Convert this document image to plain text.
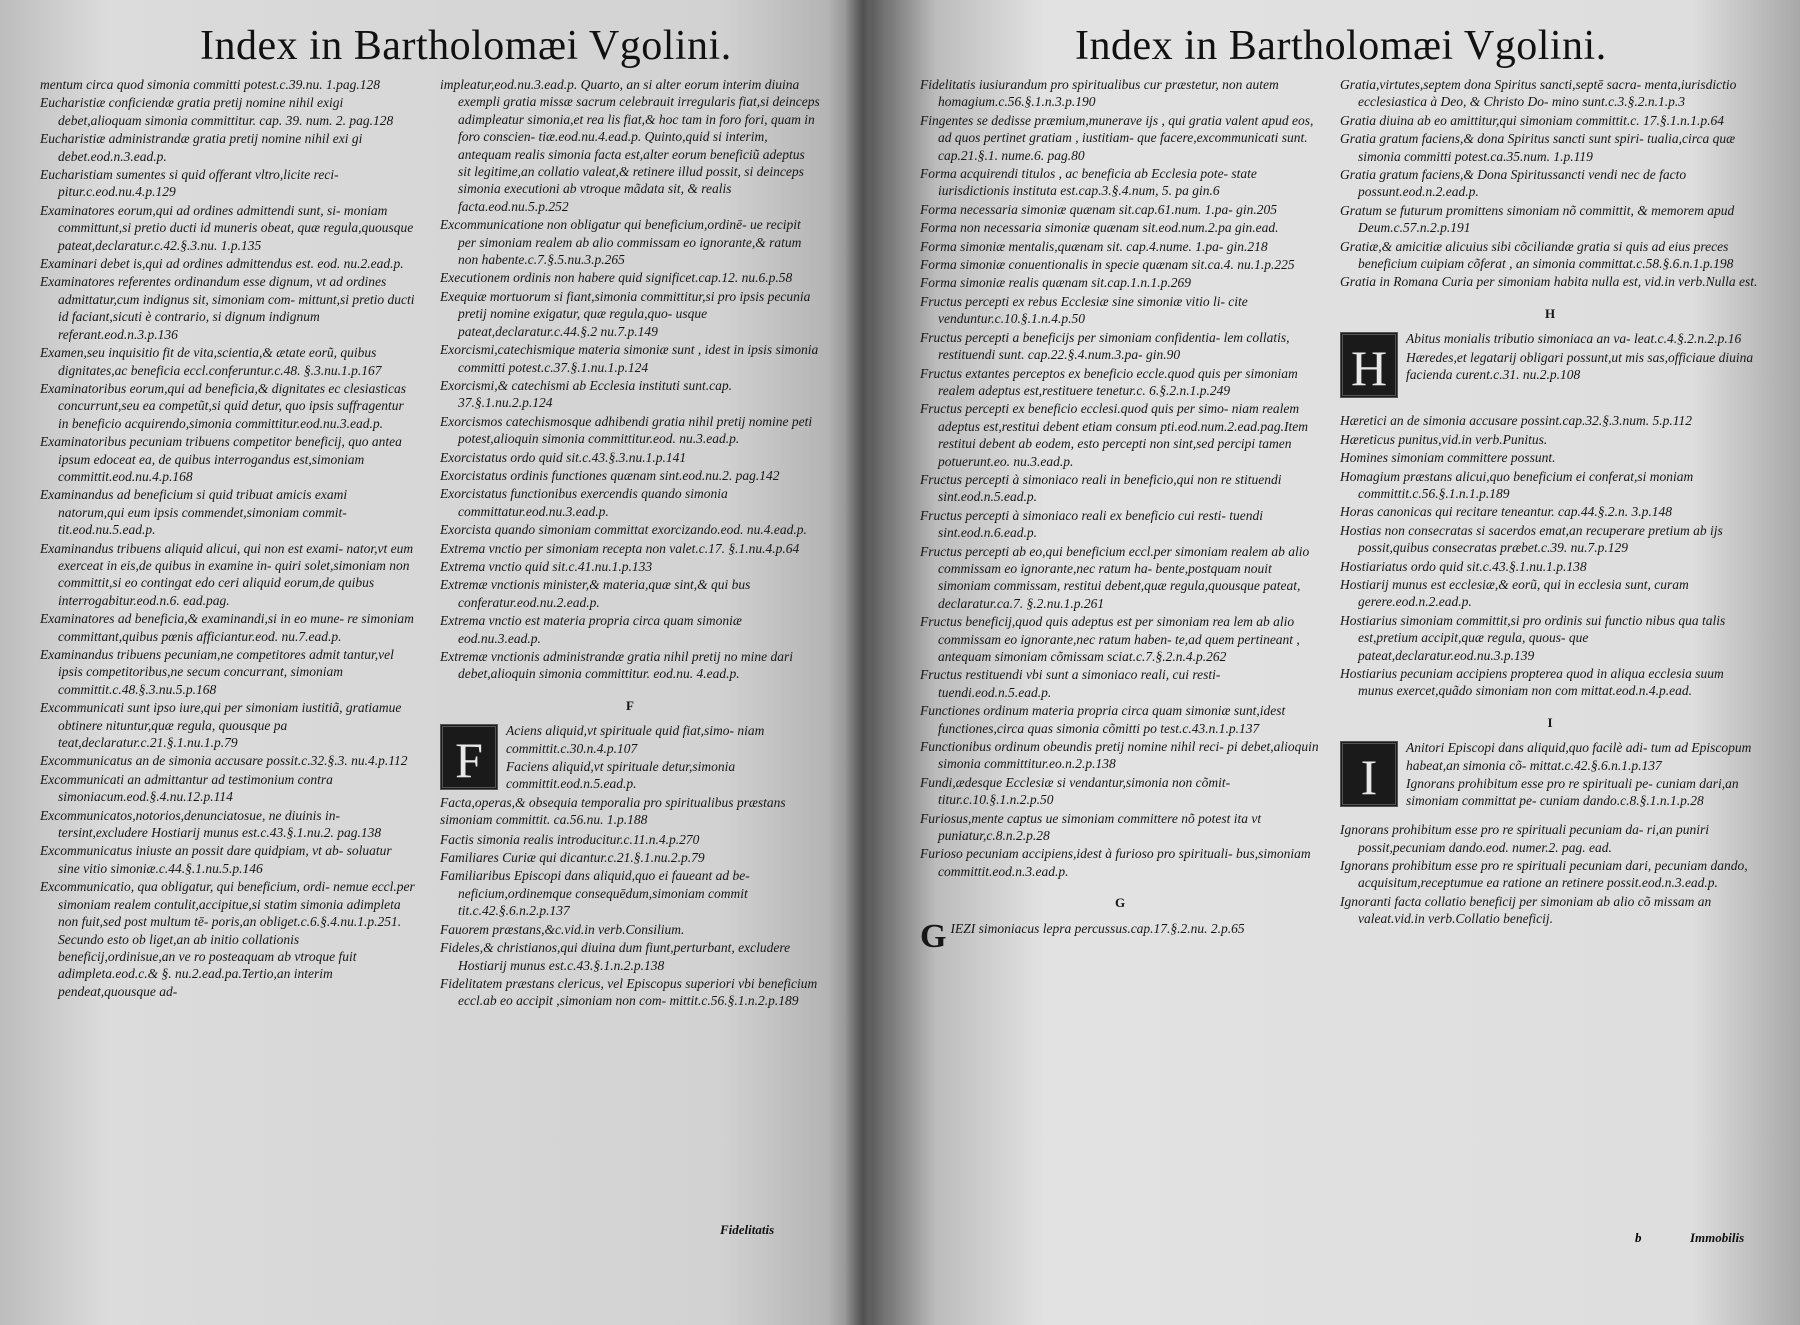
Index in Bartholomæi Vgolini.
mentum circa quod simonia committi potest.c.39.nu. 1.pag.128
Eucharistiæ conficiendæ gratia pretij nomine nihil exigi debet,alioquam simonia committitur. cap. 39. num. 2. pag.128
Eucharistiæ administrandæ gratia pretij nomine nihil exi gi debet.eod.n.3.ead.p.
Eucharistiam sumentes si quid offerant vltro,licite reci- pitur.c.eod.nu.4.p.129
Examinatores eorum,qui ad ordines admittendi sunt, si- moniam committunt,si pretio ducti id muneris obeat, quæ regula,quousque pateat,declaratur.c.42.§.3.nu. 1.p.135
Examinari debet is,qui ad ordines admittendus est. eod. nu.2.ead.p.
Examinatores referentes ordinandum esse dignum, vt ad ordines admittatur,cum indignus sit, simoniam com- mittunt,si pretio ducti id faciant,sicuti è contrario, si dignum indignum referant.eod.n.3.p.136
Examen,seu inquisitio fit de vita,scientia,& ætate eorũ, quibus dignitates,ac beneficia eccl.conferuntur.c.48. §.3.nu.1.p.167
Examinatoribus eorum,qui ad beneficia,& dignitates ec clesiasticas concurrunt,seu ea competũt,si quid detur, quo ipsis suffragentur in beneficio acquirendo,simonia committitur.eod.nu.3.ead.p.
Examinatoribus pecuniam tribuens competitor beneficij, quo antea ipsum edoceat ea, de quibus interrogandus est,simoniam committit.eod.nu.4.p.168
Examinandus ad beneficium si quid tribuat amicis exami natorum,qui eum ipsis commendet,simoniam commit- tit.eod.nu.5.ead.p.
Examinandus tribuens aliquid alicui, qui non est exami- nator,vt eum exerceat in eis,de quibus in examine in- quiri solet,simoniam non committit,si eo contingat edo ceri aliquid eorum,de quibus interrogabitur.eod.n.6. ead.pag.
Examinatores ad beneficia,& examinandi,si in eo mune- re simoniam committant,quibus pœnis afficiantur.eod. nu.7.ead.p.
Examinandus tribuens pecuniam,ne competitores admit tantur,vel ipsis competitoribus,ne secum concurrant, simoniam committit.c.48.§.3.nu.5.p.168
Excommunicati sunt ipso iure,qui per simoniam iustitiã, gratiamue obtinere nituntur,quæ regula, quousque pa teat,declaratur.c.21.§.1.nu.1.p.79
Excommunicatus an de simonia accusare possit.c.32.§.3. nu.4.p.112
Excommunicati an admittantur ad testimonium contra simoniacum.eod.§.4.nu.12.p.114
Excommunicatos,notorios,denunciatosue, ne diuinis in- tersint,excludere Hostiarij munus est.c.43.§.1.nu.2. pag.138
Excommunicatus iniuste an possit dare quidpiam, vt ab- soluatur sine vitio simoniæ.c.44.§.1.nu.5.p.146
Excommunicatio, qua obligatur, qui beneficium, ordi- nemue eccl.per simoniam realem contulit,accipitue,si statim simonia adimpleta non fuit,sed post multum tē- poris,an obliget.c.6.§.4.nu.1.p.251. Secundo esto ob liget,an ab initio collationis beneficij,ordinisue,an ve ro posteaquam ab vtroque fuit adimpleta.eod.c.& §. nu.2.ead.pa.Tertio,an interim pendeat,quousque ad-
impleatur,eod.nu.3.ead.p. Quarto, an si alter eorum interim diuina exempli gratia missæ sacrum celebrauit irregularis fiat,si deinceps adimpleatur simonia,et rea lis fiat,& hoc tam in foro fori, quam in foro conscien- tiæ.eod.nu.4.ead.p. Quinto,quid si interim, antequam realis simonia facta est,alter eorum beneficiũ adeptus sit legitime,an collatio valeat,& retinere illud possit, si deinceps simonia executioni ab vtroque mãdata sit, & realis facta.eod.nu.5.p.252
Excommunicatione non obligatur qui beneficium,ordinē- ue recipit per simoniam realem ab alio commissam eo ignorante,& ratum non habente.c.7.§.5.nu.3.p.265
Executionem ordinis non habere quid significet.cap.12. nu.6.p.58
Exequiæ mortuorum si fiant,simonia committitur,si pro ipsis pecunia pretij nomine exigatur, quæ regula,quo- usque pateat,declaratur.c.44.§.2 nu.7.p.149
Exorcismi,catechismique materia simoniæ sunt , idest in ipsis simonia committi potest.c.37.§.1.nu.1.p.124
Exorcismi,& catechismi ab Ecclesia instituti sunt.cap. 37.§.1.nu.2.p.124
Exorcismos catechismosque adhibendi gratia nihil pretij nomine peti potest,alioquin simonia committitur.eod. nu.3.ead.p.
Exorcistatus ordo quid sit.c.43.§.3.nu.1.p.141
Exorcistatus ordinis functiones quænam sint.eod.nu.2. pag.142
Exorcistatus functionibus exercendis quando simonia committatur.eod.nu.3.ead.p.
Exorcista quando simoniam committat exorcizando.eod. nu.4.ead.p.
Extrema vnctio per simoniam recepta non valet.c.17. §.1.nu.4.p.64
Extrema vnctio quid sit.c.41.nu.1.p.133
Extremæ vnctionis minister,& materia,quæ sint,& qui bus conferatur.eod.nu.2.ead.p.
Extrema vnctio est materia propria circa quam simoniæ eod.nu.3.ead.p.
Extremæ vnctionis administrandæ gratia nihil pretij no mine dari debet,alioquin simonia committitur. eod.nu. 4.ead.p.
F
F
Aciens aliquid,vt spirituale quid fiat,simo- niam committit.c.30.n.4.p.107
Faciens aliquid,vt spirituale detur,simonia committit.eod.n.5.ead.p.
Facta,operas,& obsequia temporalia pro spiritualibus præstans simoniam committit. ca.56.nu. 1.p.188
Factis simonia realis introducitur.c.11.n.4.p.270
Familiares Curiæ qui dicantur.c.21.§.1.nu.2.p.79
Familiaribus Episcopi dans aliquid,quo ei faueant ad be- neficium,ordinemque consequēdum,simoniam commit tit.c.42.§.6.n.2.p.137
Fauorem præstans,&c.vid.in verb.Consilium.
Fideles,& christianos,qui diuina dum fiunt,perturbant, excludere Hostiarij munus est.c.43.§.1.n.2.p.138
Fidelitatem præstans clericus, vel Episcopus superiori vbi beneficium eccl.ab eo accipit ,simoniam non com- mittit.c.56.§.1.n.2.p.189
Fidelitatis
Index in Bartholomæi Vgolini.
Fidelitatis iusiurandum pro spiritualibus cur præstetur, non autem homagium.c.56.§.1.n.3.p.190
Fingentes se dedisse præmium,munerave ijs , qui gratia valent apud eos, ad quos pertinet gratiam , iustitiam- que facere,excommunicati sunt. cap.21.§.1. nume.6. pag.80
Forma acquirendi titulos , ac beneficia ab Ecclesia pote- state iurisdictionis instituta est.cap.3.§.4.num, 5. pa gin.6
Forma necessaria simoniæ quænam sit.cap.61.num. 1.pa- gin.205
Forma non necessaria simoniæ quænam sit.eod.num.2.pa gin.ead.
Forma simoniæ mentalis,quænam sit. cap.4.nume. 1.pa- gin.218
Forma simoniæ conuentionalis in specie quænam sit.ca.4. nu.1.p.225
Forma simoniæ realis quænam sit.cap.1.n.1.p.269
Fructus percepti ex rebus Ecclesiæ sine simoniæ vitio li- cite venduntur.c.10.§.1.n.4.p.50
Fructus percepti a beneficijs per simoniam confidentia- lem collatis, restituendi sunt. cap.22.§.4.num.3.pa- gin.90
Fructus extantes perceptos ex beneficio eccle.quod quis per simoniam realem adeptus est,restituere tenetur.c. 6.§.2.n.1.p.249
Fructus percepti ex beneficio ecclesi.quod quis per simo- niam realem adeptus est,restitui debent etiam consum pti.eod.num.2.ead.pag.Item restitui debent ab eodem, esto percepti non sint,sed percipi tamen potuerunt.eo. nu.3.ead.p.
Fructus percepti à simoniaco reali in beneficio,qui non re stituendi sint.eod.n.5.ead.p.
Fructus percepti à simoniaco reali ex beneficio cui resti- tuendi sint.eod.n.6.ead.p.
Fructus percepti ab eo,qui beneficium eccl.per simoniam realem ab alio commissam eo ignorante,nec ratum ha- bente,postquam nouit simoniam commissam, restitui debent,quæ regula,quousque pateat, declaratur.ca.7. §.2.nu.1.p.261
Fructus beneficij,quod quis adeptus est per simoniam rea lem ab alio commissam eo ignorante,nec ratum haben- te,ad quem pertineant , antequam simoniam cõmissam sciat.c.7.§.2.n.4.p.262
Fructus restituendi vbi sunt a simoniaco reali, cui resti- tuendi.eod.n.5.ead.p.
Functiones ordinum materia propria circa quam simoniæ sunt,idest functiones,circa quas simonia cõmitti po test.c.43.n.1.p.137
Functionibus ordinum obeundis pretij nomine nihil reci- pi debet,alioquin simonia committitur.eo.n.2.p.138
Fundi,ædesque Ecclesiæ si vendantur,simonia non cõmit- titur.c.10.§.1.n.2.p.50
Furiosus,mente captus ue simoniam committere nõ potest ita vt puniatur,c.8.n.2.p.28
Furioso pecuniam accipiens,idest à furioso pro spirituali- bus,simoniam committit.eod.n.3.ead.p.
G
G IEZI simoniacus lepra percussus.cap.17.§.2.nu. 2.p.65
Gratia,virtutes,septem dona Spiritus sancti,septē sacra- menta,iurisdictio ecclesiastica à Deo, & Christo Do- mino sunt.c.3.§.2.n.1.p.3
Gratia diuina ab eo amittitur,qui simoniam committit.c. 17.§.1.n.1.p.64
Gratia gratum faciens,& dona Spiritus sancti sunt spiri- tualia,circa quæ simonia committi potest.ca.35.num. 1.p.119
Gratia gratum faciens,& Dona Spiritussancti vendi nec de facto possunt.eod.n.2.ead.p.
Gratum se futurum promittens simoniam nõ committit, & memorem apud Deum.c.57.n.2.p.191
Gratiæ,& amicitiæ alicuius sibi cõciliandæ gratia si quis ad eius preces beneficium cuipiam cõferat , an simonia committat.c.58.§.6.n.1.p.198
Gratia in Romana Curia per simoniam habita nulla est, vid.in verb.Nulla est.
H
H
Abitus monialis tributio simoniaca an va- leat.c.4.§.2.n.2.p.16
Hæredes,et legatarij obligari possunt,ut mis sas,officiaue diuina facienda curent.c.31. nu.2.p.108
Hæretici an de simonia accusare possint.cap.32.§.3.num. 5.p.112
Hæreticus punitus,vid.in verb.Punitus.
Homines simoniam committere possunt.
Homagium præstans alicui,quo beneficium ei conferat,si moniam committit.c.56.§.1.n.1.p.189
Horas canonicas qui recitare teneantur. cap.44.§.2.n. 3.p.148
Hostias non consecratas si sacerdos emat,an recuperare pretium ab ijs possit,quibus consecratas præbet.c.39. nu.7.p.129
Hostiariatus ordo quid sit.c.43.§.1.nu.1.p.138
Hostiarij munus est ecclesiæ,& eorũ, qui in ecclesia sunt, curam gerere.eod.n.2.ead.p.
Hostiarius simoniam committit,si pro ordinis sui functio nibus qua talis est,pretium accipit,quæ regula, quous- que pateat,declaratur.eod.nu.3.p.139
Hostiarius pecuniam accipiens propterea quod in aliqua ecclesia suum munus exercet,quãdo simoniam non com mittat.eod.n.4.p.ead.
I
I
Anitori Episcopi dans aliquid,quo facilè adi- tum ad Episcopum habeat,an simonia cõ- mittat.c.42.§.6.n.1.p.137
Ignorans prohibitum esse pro re spirituali pe- cuniam dari,an simoniam committat pe- cuniam dando.c.8.§.1.n.1.p.28
Ignorans prohibitum esse pro re spirituali pecuniam da- ri,an puniri possit,pecuniam dando.eod. numer.2. pag. ead.
Ignorans prohibitum esse pro re spirituali pecuniam dari, pecuniam dando, acquisitum,receptumue ea ratione an retinere possit.eod.n.3.ead.p.
Ignoranti facta collatio beneficij per simoniam ab alio cõ missam an valeat.vid.in verb.Collatio beneficij.
b	Immobilis
